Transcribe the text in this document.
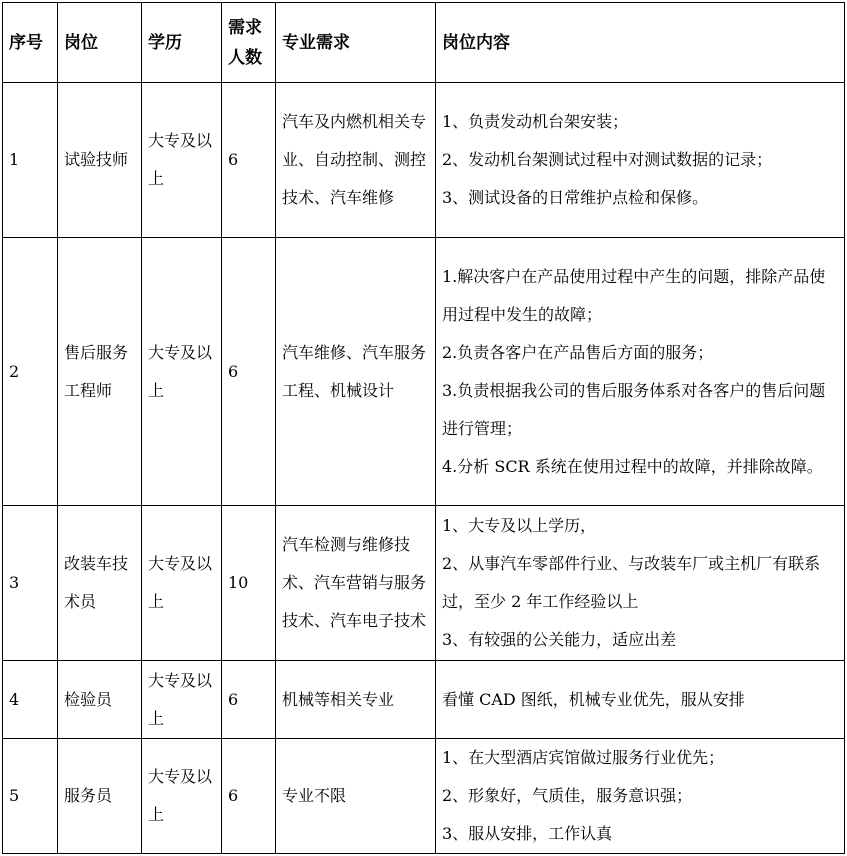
序号	岗位	学历	需求人数	专业需求	岗位内容
1	试验技师	大专及以上	6	汽车及内燃机相关专业、自动控制、测控技术、汽车维修	1、负责发动机台架安装；
2、发动机台架测试过程中对测试数据的记录；
3、测试设备的日常维护点检和保修。

2	售后服务工程师	大专及以上	6	汽车维修、汽车服务工程、机械设计	1.解决客户在产品使用过程中产生的问题，排除产品使用过程中发生的故障；
2.负责各客户在产品售后方面的服务；
3.负责根据我公司的售后服务体系对各客户的售后问题进行管理；
4.分析 SCR 系统在使用过程中的故障，并排除故障。

3	改装车技术员	大专及以上	10	汽车检测与维修技术、汽车营销与服务技术、汽车电子技术	1、大专及以上学历，
2、从事汽车零部件行业、与改装车厂或主机厂有联系过，至少 2 年工作经验以上
3、有较强的公关能力，适应出差

4	检验员	大专及以上	6	机械等相关专业	看懂 CAD 图纸，机械专业优先，服从安排

5	服务员	大专及以上	6	专业不限	1、在大型酒店宾馆做过服务行业优先；
2、形象好，气质佳，服务意识强；
3、服从安排，工作认真
